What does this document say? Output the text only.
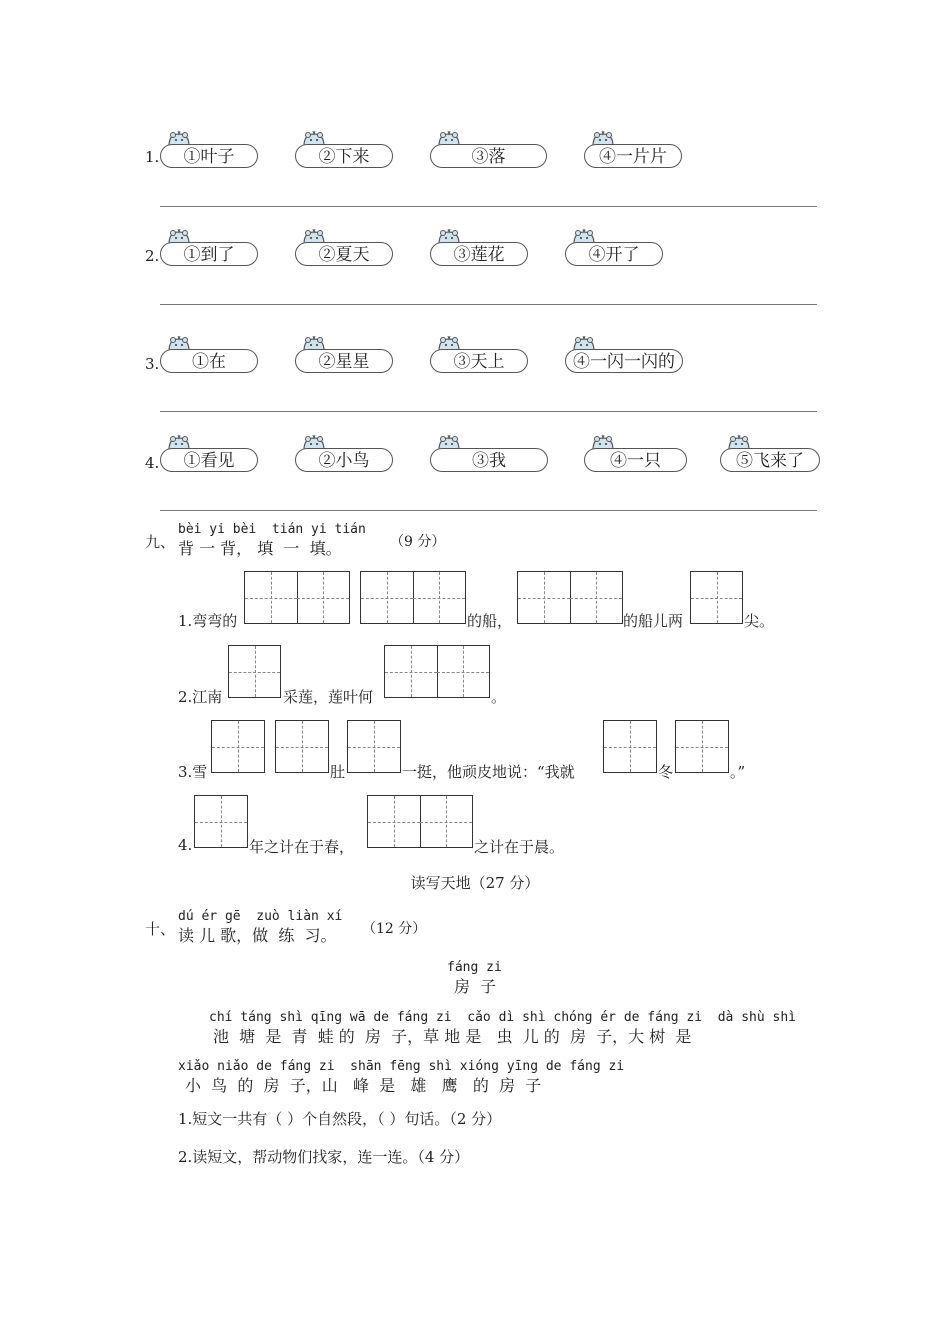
1.	①叶子	②下来	③落	④一片片
2.	①到了	②夏天	③莲花	④开了
3.	①在	②星星	③天上	④一闪一闪的
4.	①看见	②小鸟	③我	④一只	⑤飞来了
九、
bèi yi bèi  tián yi tián
背 一 背， 填  一  填。	（9 分）
1.弯弯的	的船，	的船儿两	尖。
2.江南	采莲，莲叶何	。
3.雪	肚	一挺，他顽皮地说：“我就	冬	。”
4.	年之计在于春，	之计在于晨。
读写天地（27 分）
十、
dú ér gē  zuò liàn xí
读 儿 歌，做  练  习。 （12 分）
fáng zi
房  子
chí táng shì qīng wā de fáng zi  cǎo dì shì chóng ér de fáng zi  dà shù shì
池  塘  是  青  蛙 的  房  子，草 地 是   虫  儿 的  房  子，大 树  是
xiǎo niǎo de fáng zi  shān fēng shì xióng yīng de fáng zi
小  鸟  的  房  子，山   峰  是   雄   鹰   的  房  子
1.短文一共有（ ）个自然段，（ ）句话。（2 分）
2.读短文，帮动物们找家，连一连。（4 分）
